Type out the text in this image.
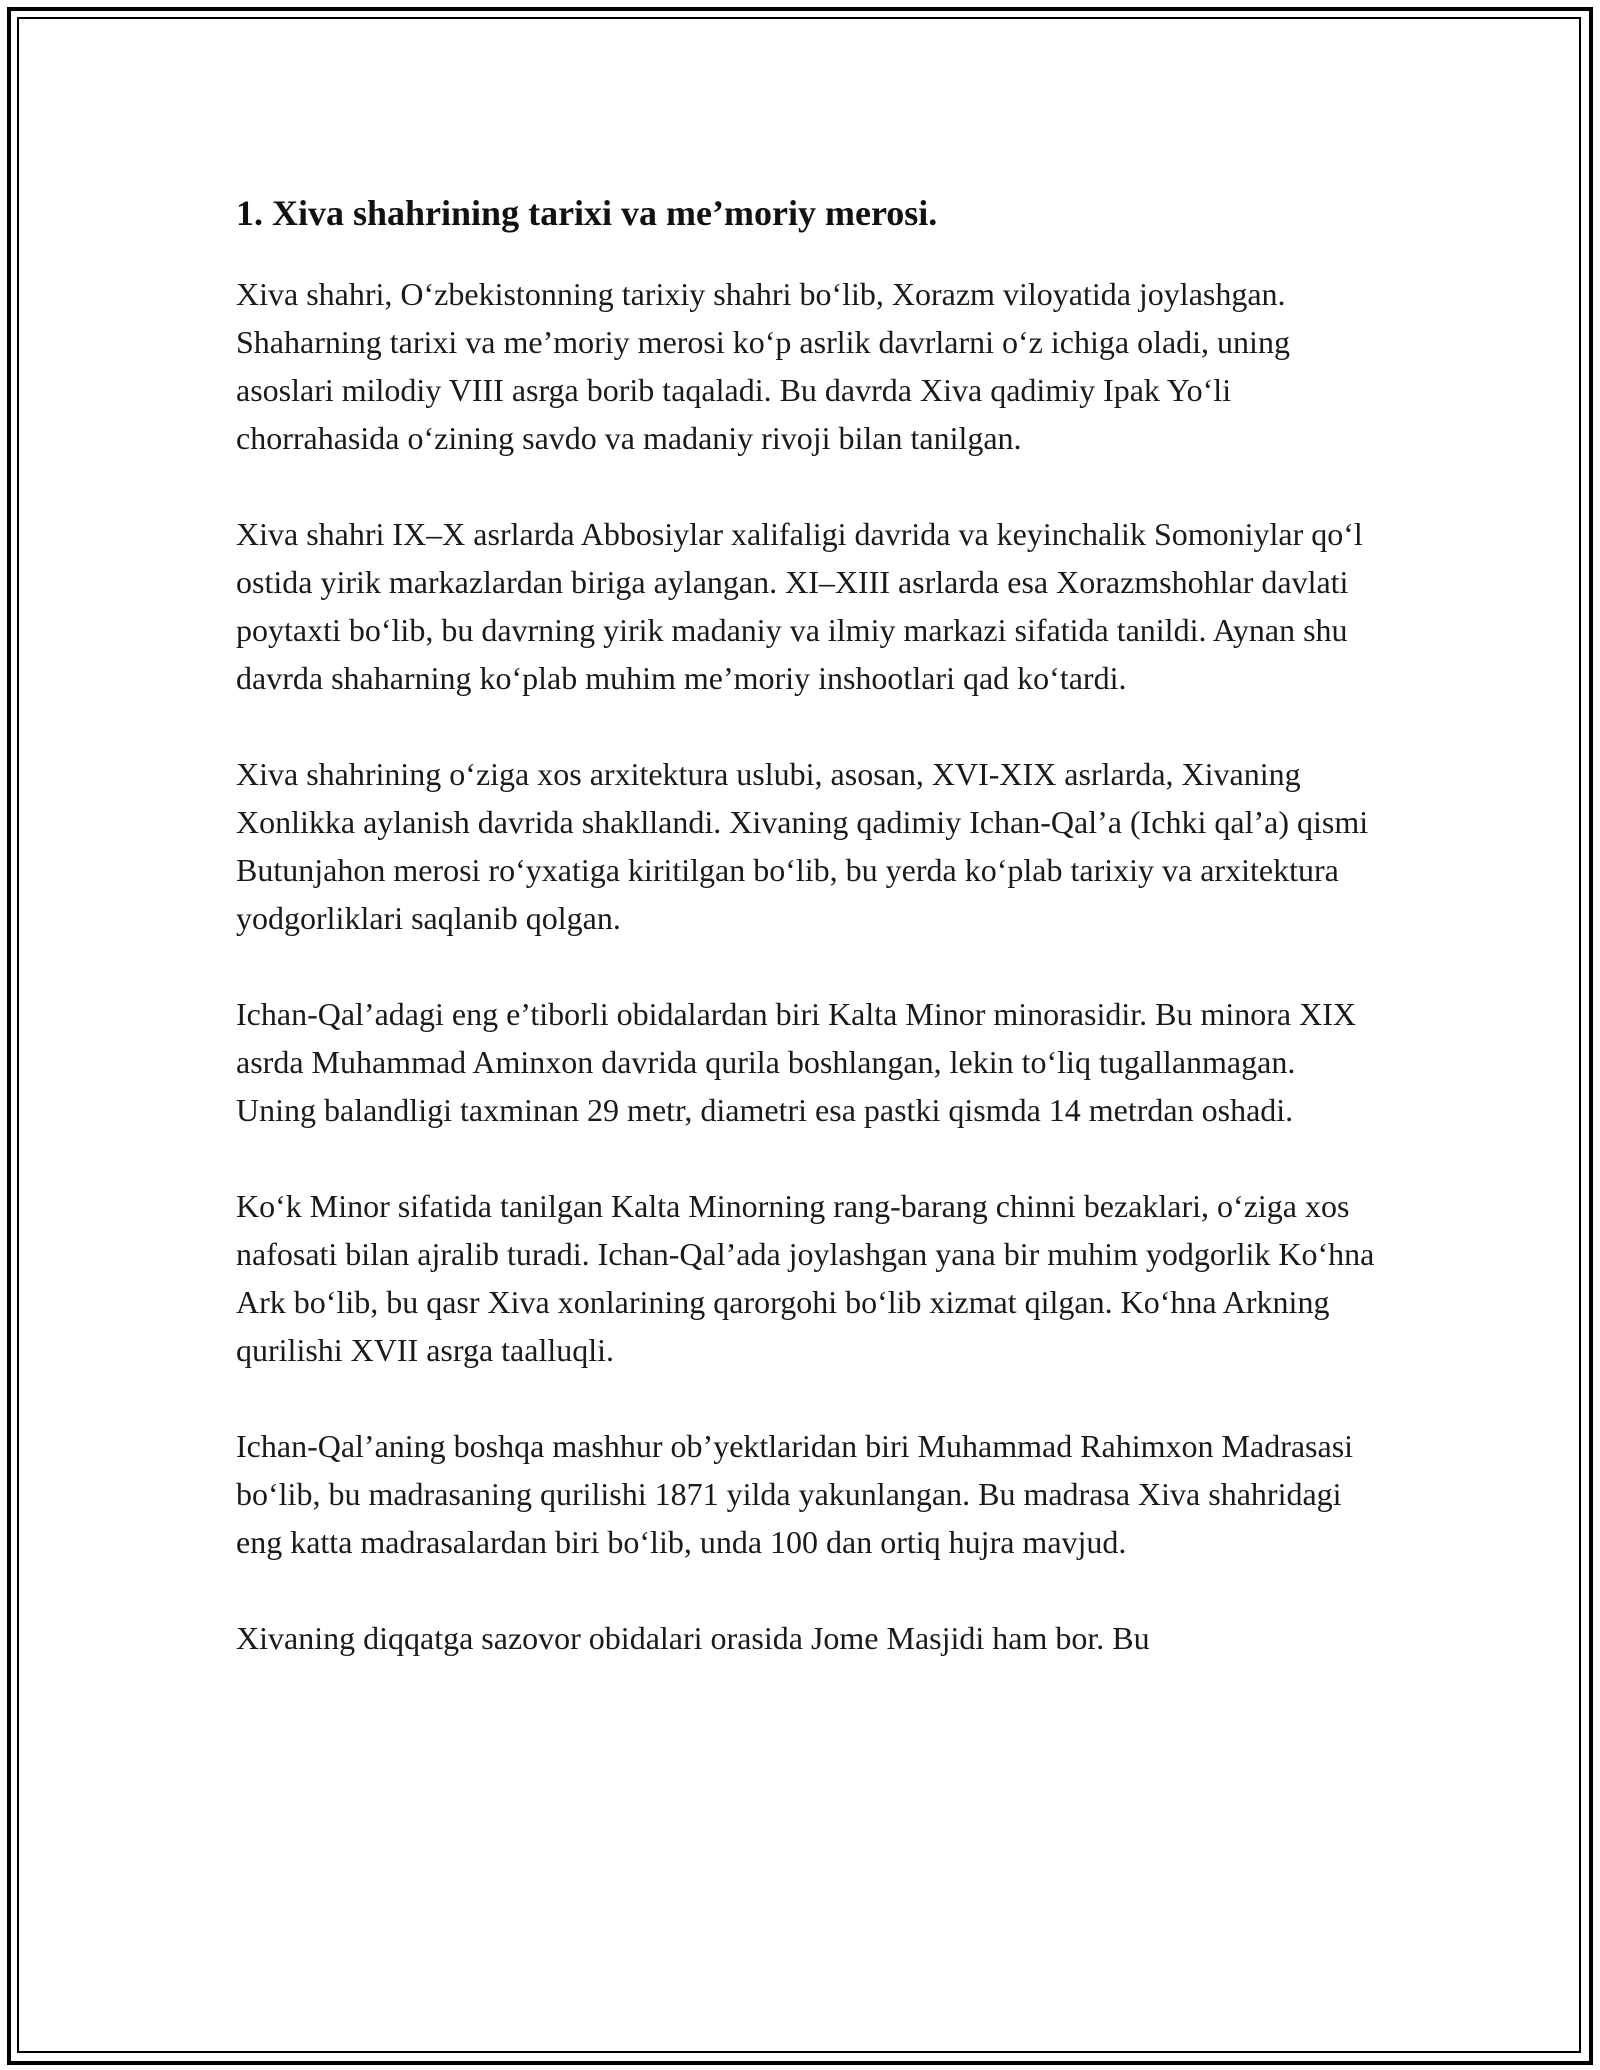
1. Xiva shahrining tarixi va me’moriy merosi.

Xiva shahri, O‘zbekistonning tarixiy shahri bo‘lib, Xorazm viloyatida joylashgan. Shaharning tarixi va me’moriy merosi ko‘p asrlik davrlarni o‘z ichiga oladi, uning asoslari milodiy VIII asrga borib taqaladi. Bu davrda Xiva qadimiy Ipak Yo‘li chorrahasida o‘zining savdo va madaniy rivoji bilan tanilgan.

Xiva shahri IX–X asrlarda Abbosiylar xalifaligi davrida va keyinchalik Somoniylar qo‘l ostida yirik markazlardan biriga aylangan. XI–XIII asrlarda esa Xorazmshohlar davlati poytaxti bo‘lib, bu davrning yirik madaniy va ilmiy markazi sifatida tanildi. Aynan shu davrda shaharning ko‘plab muhim me’moriy inshootlari qad ko‘tardi.

Xiva shahrining o‘ziga xos arxitektura uslubi, asosan, XVI-XIX asrlarda, Xivaning Xonlikka aylanish davrida shakllandi. Xivaning qadimiy Ichan-Qal’a (Ichki qal’a) qismi Butunjahon merosi ro‘yxatiga kiritilgan bo‘lib, bu yerda ko‘plab tarixiy va arxitektura yodgorliklari saqlanib qolgan.

Ichan-Qal’adagi eng e’tiborli obidalardan biri Kalta Minor minorasidir. Bu minora XIX asrda Muhammad Aminxon davrida qurila boshlangan, lekin to‘liq tugallanmagan. Uning balandligi taxminan 29 metr, diametri esa pastki qismda 14 metrdan oshadi.

Ko‘k Minor sifatida tanilgan Kalta Minorning rang-barang chinni bezaklari, o‘ziga xos nafosati bilan ajralib turadi. Ichan-Qal’ada joylashgan yana bir muhim yodgorlik Ko‘hna Ark bo‘lib, bu qasr Xiva xonlarining qarorgohi bo‘lib xizmat qilgan. Ko‘hna Arkning qurilishi XVII asrga taalluqli.

Ichan-Qal’aning boshqa mashhur ob’yektlaridan biri Muhammad Rahimxon Madrasasi bo‘lib, bu madrasaning qurilishi 1871 yilda yakunlangan. Bu madrasa Xiva shahridagi eng katta madrasalardan biri bo‘lib, unda 100 dan ortiq hujra mavjud.

Xivaning diqqatga sazovor obidalari orasida Jome Masjidi ham bor. Bu
